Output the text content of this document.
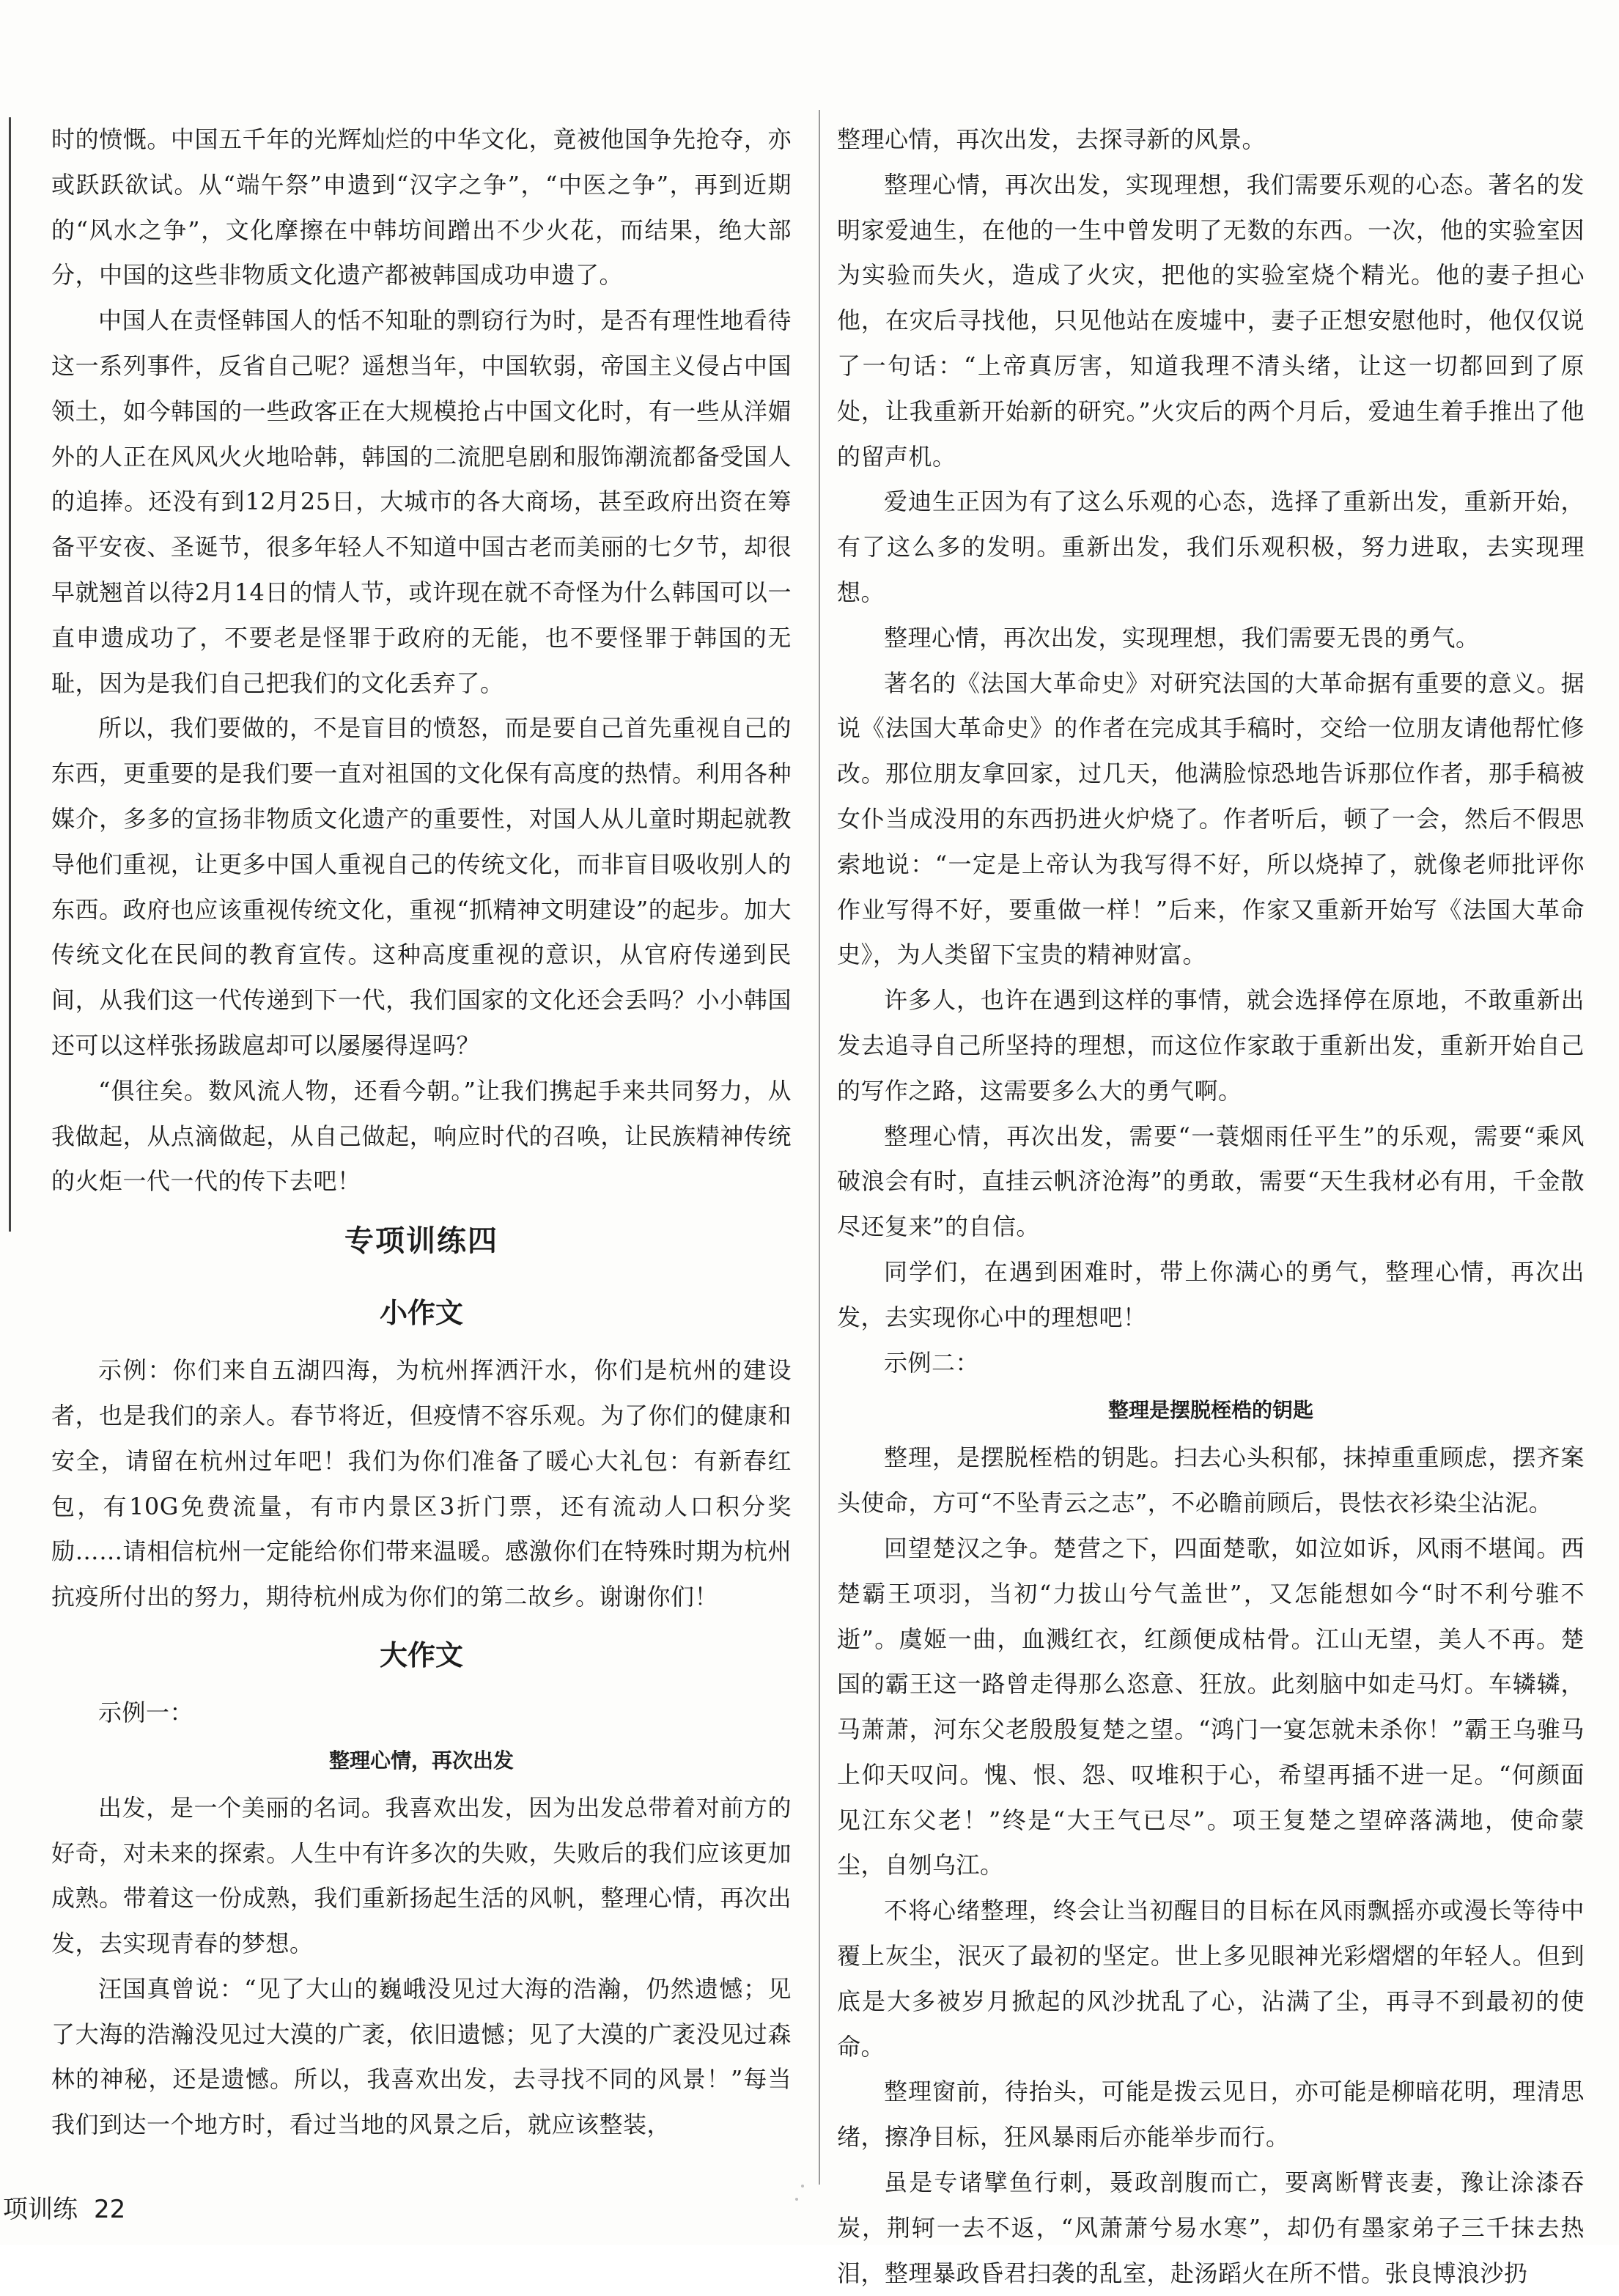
时的愤慨。中国五千年的光辉灿烂的中华文化，竟被他国争先抢夺，亦或跃跃欲试。从“端午祭”申遗到“汉字之争”，“中医之争”，再到近期的“风水之争”，文化摩擦在中韩坊间蹭出不少火花，而结果，绝大部分，中国的这些非物质文化遗产都被韩国成功申遗了。

中国人在责怪韩国人的恬不知耻的剽窃行为时，是否有理性地看待这一系列事件，反省自己呢？遥想当年，中国软弱，帝国主义侵占中国领土，如今韩国的一些政客正在大规模抢占中国文化时，有一些从洋媚外的人正在风风火火地哈韩，韩国的二流肥皂剧和服饰潮流都备受国人的追捧。还没有到12月25日，大城市的各大商场，甚至政府出资在筹备平安夜、圣诞节，很多年轻人不知道中国古老而美丽的七夕节，却很早就翘首以待2月14日的情人节，或许现在就不奇怪为什么韩国可以一直申遗成功了，不要老是怪罪于政府的无能，也不要怪罪于韩国的无耻，因为是我们自己把我们的文化丢弃了。

所以，我们要做的，不是盲目的愤怒，而是要自己首先重视自己的东西，更重要的是我们要一直对祖国的文化保有高度的热情。利用各种媒介，多多的宣扬非物质文化遗产的重要性，对国人从儿童时期起就教导他们重视，让更多中国人重视自己的传统文化，而非盲目吸收别人的东西。政府也应该重视传统文化，重视“抓精神文明建设”的起步。加大传统文化在民间的教育宣传。这种高度重视的意识，从官府传递到民间，从我们这一代传递到下一代，我们国家的文化还会丢吗？小小韩国还可以这样张扬跋扈却可以屡屡得逞吗？

“俱往矣。数风流人物，还看今朝。”让我们携起手来共同努力，从我做起，从点滴做起，从自己做起，响应时代的召唤，让民族精神传统的火炬一代一代的传下去吧！

专项训练四
小作文

示例：你们来自五湖四海，为杭州挥洒汗水，你们是杭州的建设者，也是我们的亲人。春节将近，但疫情不容乐观。为了你们的健康和安全，请留在杭州过年吧！我们为你们准备了暖心大礼包：有新春红包，有10G免费流量，有市内景区3折门票，还有流动人口积分奖励……请相信杭州一定能给你们带来温暖。感激你们在特殊时期为杭州抗疫所付出的努力，期待杭州成为你们的第二故乡。谢谢你们！

大作文

示例一：

整理心情，再次出发

出发，是一个美丽的名词。我喜欢出发，因为出发总带着对前方的好奇，对未来的探索。人生中有许多次的失败，失败后的我们应该更加成熟。带着这一份成熟，我们重新扬起生活的风帆，整理心情，再次出发，去实现青春的梦想。

汪国真曾说：“见了大山的巍峨没见过大海的浩瀚，仍然遗憾；见了大海的浩瀚没见过大漠的广袤，依旧遗憾；见了大漠的广袤没见过森林的神秘，还是遗憾。所以，我喜欢出发，去寻找不同的风景！”每当我们到达一个地方时，看过当地的风景之后，就应该整装，

整理心情，再次出发，去探寻新的风景。

整理心情，再次出发，实现理想，我们需要乐观的心态。著名的发明家爱迪生，在他的一生中曾发明了无数的东西。一次，他的实验室因为实验而失火，造成了火灾，把他的实验室烧个精光。他的妻子担心他，在灾后寻找他，只见他站在废墟中，妻子正想安慰他时，他仅仅说了一句话：“上帝真厉害，知道我理不清头绪，让这一切都回到了原处，让我重新开始新的研究。”火灾后的两个月后，爱迪生着手推出了他的留声机。

爱迪生正因为有了这么乐观的心态，选择了重新出发，重新开始，有了这么多的发明。重新出发，我们乐观积极，努力进取，去实现理想。

整理心情，再次出发，实现理想，我们需要无畏的勇气。

著名的《法国大革命史》对研究法国的大革命据有重要的意义。据说《法国大革命史》的作者在完成其手稿时，交给一位朋友请他帮忙修改。那位朋友拿回家，过几天，他满脸惊恐地告诉那位作者，那手稿被女仆当成没用的东西扔进火炉烧了。作者听后，顿了一会，然后不假思索地说：“一定是上帝认为我写得不好，所以烧掉了，就像老师批评你作业写得不好，要重做一样！”后来，作家又重新开始写《法国大革命史》，为人类留下宝贵的精神财富。

许多人，也许在遇到这样的事情，就会选择停在原地，不敢重新出发去追寻自己所坚持的理想，而这位作家敢于重新出发，重新开始自己的写作之路，这需要多么大的勇气啊。

整理心情，再次出发，需要“一蓑烟雨任平生”的乐观，需要“乘风破浪会有时，直挂云帆济沧海”的勇敢，需要“天生我材必有用，千金散尽还复来”的自信。

同学们，在遇到困难时，带上你满心的勇气，整理心情，再次出发，去实现你心中的理想吧！

示例二：

整理是摆脱桎梏的钥匙

整理，是摆脱桎梏的钥匙。扫去心头积郁，抹掉重重顾虑，摆齐案头使命，方可“不坠青云之志”，不必瞻前顾后，畏怯衣衫染尘沾泥。

回望楚汉之争。楚营之下，四面楚歌，如泣如诉，风雨不堪闻。西楚霸王项羽，当初“力拔山兮气盖世”，又怎能想如今“时不利兮骓不逝”。虞姬一曲，血溅红衣，红颜便成枯骨。江山无望，美人不再。楚国的霸王这一路曾走得那么恣意、狂放。此刻脑中如走马灯。车辚辚，马萧萧，河东父老殷殷复楚之望。“鸿门一宴怎就未杀你！”霸王乌骓马上仰天叹问。愧、恨、怨、叹堆积于心，希望再插不进一足。“何颜面见江东父老！”终是“大王气已尽”。项王复楚之望碎落满地，使命蒙尘，自刎乌江。

不将心绪整理，终会让当初醒目的目标在风雨飘摇亦或漫长等待中覆上灰尘，泯灭了最初的坚定。世上多见眼神光彩熠熠的年轻人。但到底是大多被岁月掀起的风沙扰乱了心，沾满了尘，再寻不到最初的使命。

整理窗前，待抬头，可能是拨云见日，亦可能是柳暗花明，理清思绪，擦净目标，狂风暴雨后亦能举步而行。

虽是专诸擘鱼行刺，聂政剖腹而亡，要离断臂丧妻，豫让涂漆吞炭，荆轲一去不返，“风萧萧兮易水寒”，却仍有墨家弟子三千抹去热泪，整理暴政昏君扫袭的乱室，赴汤蹈火在所不惜。张良博浪沙扔

项训练 22
